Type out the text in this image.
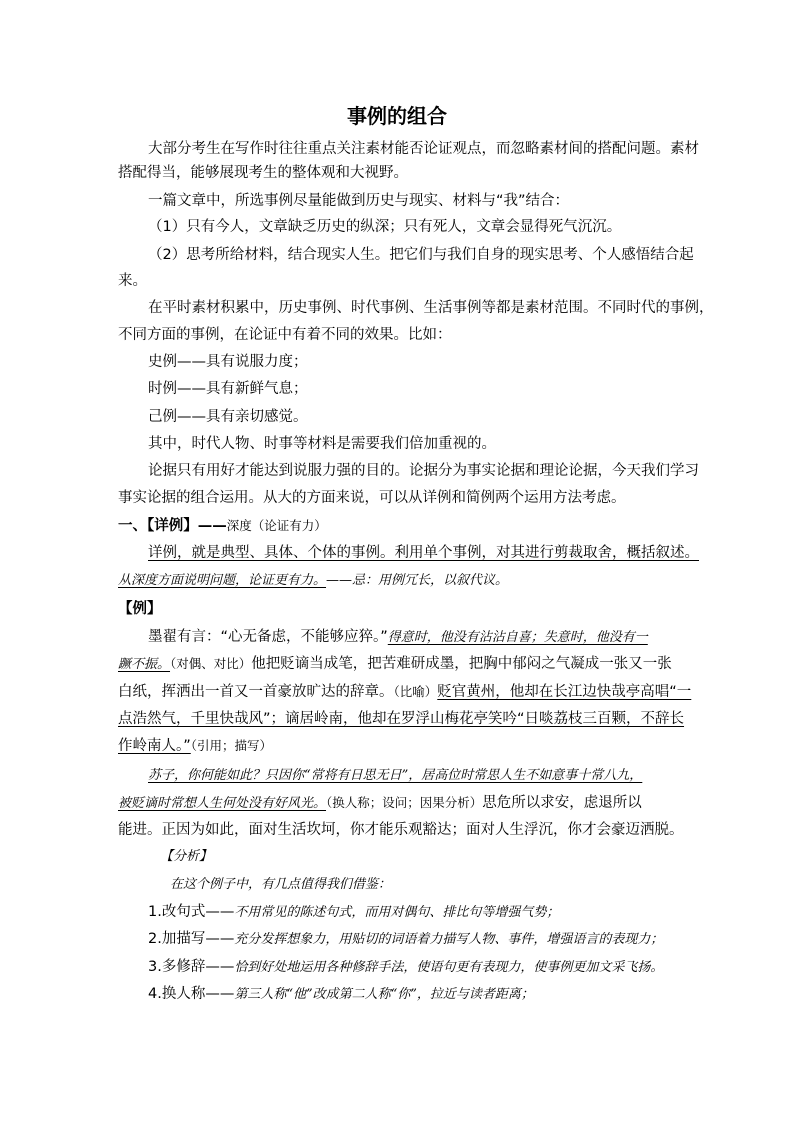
事例的组合
大部分考生在写作时往往重点关注素材能否论证观点，而忽略素材间的搭配问题。素材
搭配得当，能够展现考生的整体观和大视野。
一篇文章中，所选事例尽量能做到历史与现实、材料与“我”结合：
（1）只有今人，文章缺乏历史的纵深；只有死人，文章会显得死气沉沉。
（2）思考所给材料，结合现实人生。把它们与我们自身的现实思考、个人感悟结合起
来。
在平时素材积累中，历史事例、时代事例、生活事例等都是素材范围。不同时代的事例，
不同方面的事例，在论证中有着不同的效果。比如：
史例——具有说服力度；
时例——具有新鲜气息；
己例——具有亲切感觉。
其中，时代人物、时事等材料是需要我们倍加重视的。
论据只有用好才能达到说服力强的目的。论据分为事实论据和理论论据，今天我们学习
事实论据的组合运用。从大的方面来说，可以从详例和简例两个运用方法考虑。
一、【详例】——深度（论证有力）
详例，就是典型、具体、个体的事例。利用单个事例，对其进行剪裁取舍，概括叙述。
从深度方面说明问题，论证更有力。——忌：用例冗长，以叙代议。
【例】
墨翟有言：“心无备虑，不能够应猝。”得意时，他没有沾沾自喜；失意时，他没有一
蹶不振。（对偶、对比）他把贬谪当成笔，把苦难研成墨，把胸中郁闷之气凝成一张又一张
白纸，挥洒出一首又一首豪放旷达的辞章。（比喻）贬官黄州，他却在长江边快哉亭高唱“一
点浩然气，千里快哉风”；谪居岭南，他却在罗浮山梅花亭笑吟“日啖荔枝三百颗，不辞长
作岭南人。”（引用；描写）
苏子，你何能如此？只因你“常将有日思无日”，居高位时常思人生不如意事十常八九，
被贬谪时常想人生何处没有好风光。（换人称；设问；因果分析）思危所以求安，虑退所以
能进。正因为如此，面对生活坎坷，你才能乐观豁达；面对人生浮沉，你才会豪迈洒脱。
【分析】
在这个例子中，有几点值得我们借鉴：
1.改句式——不用常见的陈述句式，而用对偶句、排比句等增强气势；
2.加描写——充分发挥想象力，用贴切的词语着力描写人物、事件，增强语言的表现力；
3.多修辞——恰到好处地运用各种修辞手法，使语句更有表现力，使事例更加文采飞扬。
4.换人称——第三人称“他”改成第二人称“你”，拉近与读者距离；
